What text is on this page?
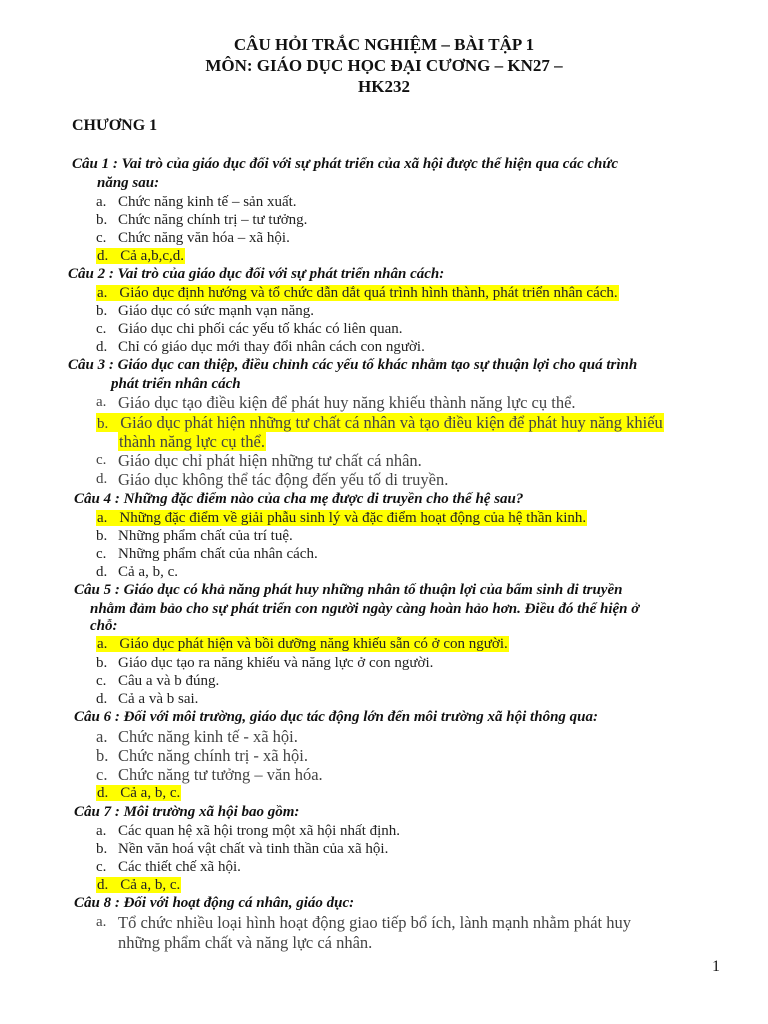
CÂU HỎI TRẮC NGHIỆM – BÀI TẬP 1
MÔN: GIÁO DỤC HỌC ĐẠI CƯƠNG – KN27 –
HK232
CHƯƠNG 1
Câu 1 : Vai trò của giáo dục đối với sự phát triển của xã hội được thể hiện qua các chức
năng sau:
a. Chức năng kinh tế – sản xuất.
b. Chức năng chính trị – tư tưởng.
c. Chức năng văn hóa – xã hội.
d. Cả a,b,c,d.
Câu 2 : Vai trò của giáo dục đối với sự phát triển nhân cách:
a. Giáo dục định hướng và tổ chức dẫn dắt quá trình hình thành, phát triển nhân cách.
b. Giáo dục có sức mạnh vạn năng.
c. Giáo dục chi phối các yếu tố khác có liên quan.
d. Chỉ có giáo dục mới thay đổi nhân cách con người.
Câu 3 : Giáo dục can thiệp, điều chỉnh các yếu tố khác nhằm tạo sự thuận lợi cho quá trình
phát triển nhân cách
a. Giáo dục tạo điều kiện để phát huy năng khiếu thành năng lực cụ thể.
b. Giáo dục phát hiện những tư chất cá nhân và tạo điều kiện để phát huy năng khiếu
thành năng lực cụ thể.
c. Giáo dục chỉ phát hiện những tư chất cá nhân.
d. Giáo dục không thể tác động đến yếu tố di truyền.
Câu 4 : Những đặc điểm nào của cha mẹ được di truyền cho thế hệ sau?
a. Những đặc điểm về giải phẫu sinh lý và đặc điểm hoạt động của hệ thần kinh.
b. Những phẩm chất của trí tuệ.
c. Những phẩm chất của nhân cách.
d. Cả a, b, c.
Câu 5 : Giáo dục có khả năng phát huy những nhân tố thuận lợi của bẩm sinh di truyền
nhằm đảm bảo cho sự phát triển con người ngày càng hoàn hảo hơn. Điều đó thể hiện ở
chỗ:
a. Giáo dục phát hiện và bồi dưỡng năng khiếu sẵn có ở con người.
b. Giáo dục tạo ra năng khiếu và năng lực ở con người.
c. Câu a và b đúng.
d. Cả a và b sai.
Câu 6 : Đối với môi trường, giáo dục tác động lớn đến môi trường xã hội thông qua:
a. Chức năng kinh tế - xã hội.
b. Chức năng chính trị - xã hội.
c. Chức năng tư tưởng – văn hóa.
d. Cả a, b, c.
Câu 7 : Môi trường xã hội bao gồm:
a. Các quan hệ xã hội trong một xã hội nhất định.
b. Nền văn hoá vật chất và tinh thần của xã hội.
c. Các thiết chế xã hội.
d. Cả a, b, c.
Câu 8 : Đối với hoạt động cá nhân, giáo dục:
a. Tổ chức nhiều loại hình hoạt động giao tiếp bổ ích, lành mạnh nhằm phát huy
những phẩm chất và năng lực cá nhân.
1
